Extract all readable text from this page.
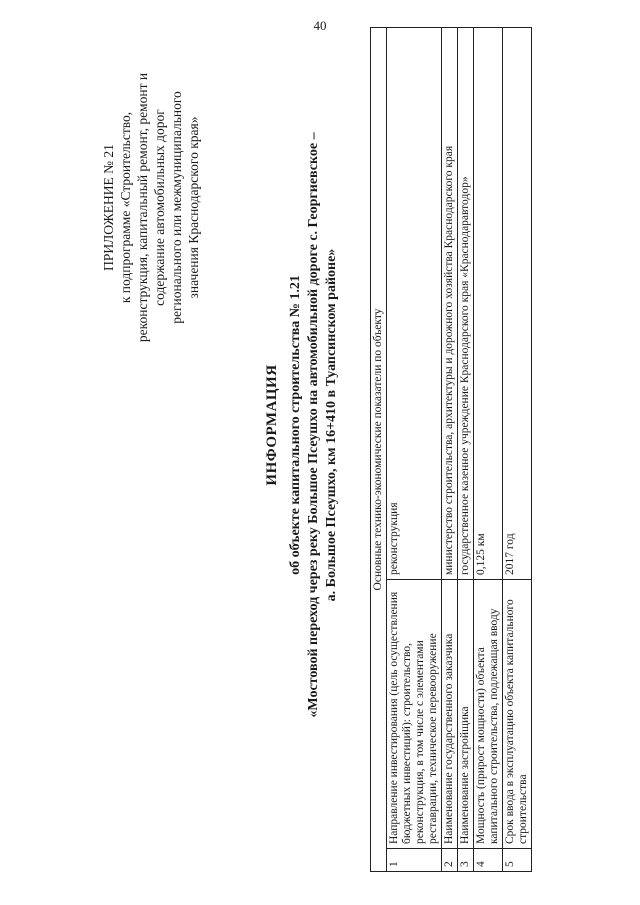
40
ПРИЛОЖЕНИЕ № 21 к подпрограмме «Строительство, реконструкция, капитальный ремонт, ремонт и содержание автомобильных дорог регионального или межмуниципального значения Краснодарского края»
ИНФОРМАЦИЯ об объекте капитального строительства № 1.21 «Мостовой переход через реку Большое Псеушхо на автомобильной дороге с. Георгиевское – а. Большое Псеушхо, км 16+410 в Туапсинском районе»	Основные технико-экономические показатели по объекту		
1	Направление инвестирования (цель осуществления бюджетных инвестиций): строительство, реконструкция, в том числе с элементами реставрации, техническое перевооружение	реконструкция
2	Наименование государственного заказчика	министерство строительства, архитектуры и дорожного хозяйства Краснодарского края
3	Наименование застройщика	государственное казенное учреждение Краснодарского края «Краснодаравтодор»
4	Мощность (прирост мощности) объекта капитального строительства, подлежащая вводу	0,125 км
5	Срок ввода в эксплуатацию объекта капитального строительства	2017 год
